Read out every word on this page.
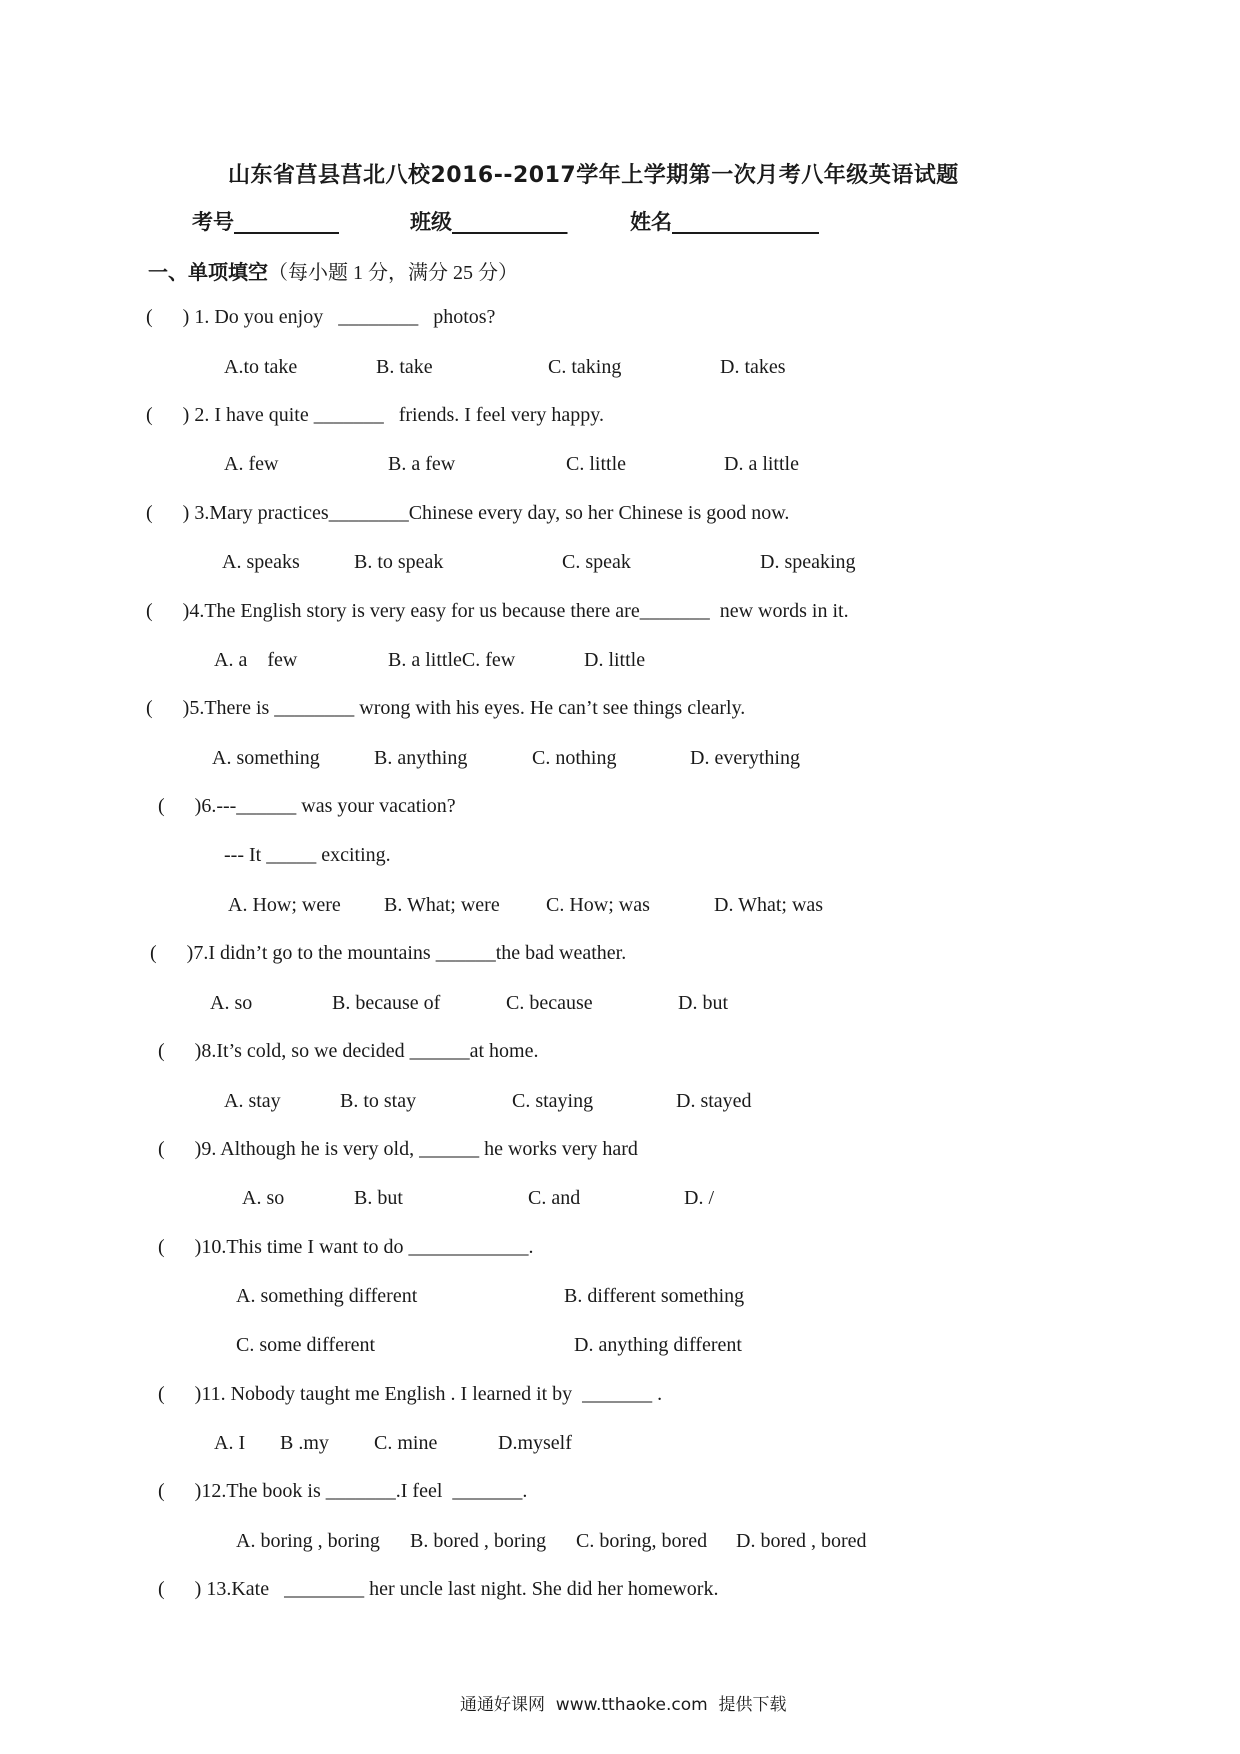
山东省莒县莒北八校2016--2017学年上学期第一次月考八年级英语试题
考号__________	班级___________	姓名______________
一、单项填空（每小题 1 分，满分 25 分）
(      ) 1. Do you enjoy   ________   photos?
A.to take	B. take	C. taking	D. takes
(      ) 2. I have quite _______   friends. I feel very happy.
A. few	B. a few	C. little	D. a little
(      ) 3.Mary practices________Chinese every day, so her Chinese is good now.
A. speaks	B. to speak	C. speak	D. speaking
(      )4.The English story is very easy for us because there are_______  new words in it.
A. a    few	B. a littleC. few	D. little
(      )5.There is ________ wrong with his eyes. He can’t see things clearly.
A. something	B. anything	C. nothing	D. everything
(      )6.---______ was your vacation?
--- It _____ exciting.
A. How; were B. What; were C. How; was	D. What; was
(      )7.I didn’t go to the mountains ______the bad weather.
A. so	B. because of	C. because	D. but
(      )8.It’s cold, so we decided ______at home.
A. stay	B. to stay	C. staying	D. stayed
(      )9. Although he is very old, ______ he works very hard
A. so	B. but	C. and	D. /
(      )10.This time I want to do ____________.
A. something different	B. different something
C. some different	D. anything different
(      )11. Nobody taught me English . I learned it by  _______ .
A. I B .my C. mine	D.myself
(      )12.The book is _______.I feel  _______.
A. boring , boring B. bored , boring C. boring, bored D. bored , bored
(      ) 13.Kate   ________ her uncle last night. She did her homework.
通通好课网  www.tthaoke.com  提供下载
